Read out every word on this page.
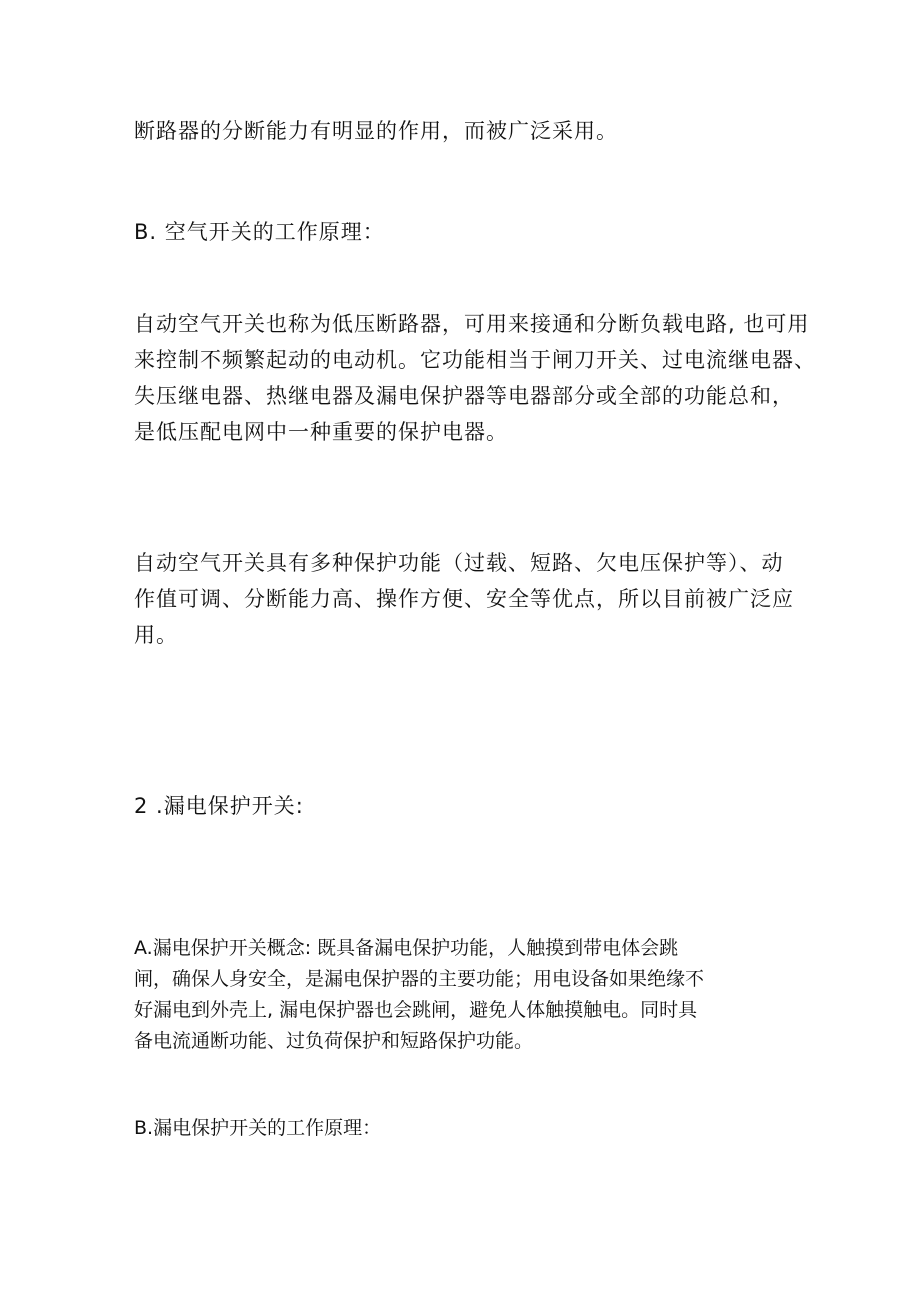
断路器的分断能力有明显的作用，而被广泛采用。

B. 空气开关的工作原理：

自动空气开关也称为低压断路器，可用来接通和分断负载电路, 也可用
来控制不频繁起动的电动机。它功能相当于闸刀开关、过电流继电器、
失压继电器、热继电器及漏电保护器等电器部分或全部的功能总和，
是低压配电网中一种重要的保护电器。

自动空气开关具有多种保护功能（过载、短路、欠电压保护等）、动
作值可调、分断能力高、操作方便、安全等优点，所以目前被广泛应
用。

2 .漏电保护开关:

A.漏电保护开关概念: 既具备漏电保护功能，人触摸到带电体会跳
闸，确保人身安全，是漏电保护器的主要功能；用电设备如果绝缘不
好漏电到外壳上, 漏电保护器也会跳闸，避免人体触摸触电。同时具
备电流通断功能、过负荷保护和短路保护功能。

B.漏电保护开关的工作原理：
